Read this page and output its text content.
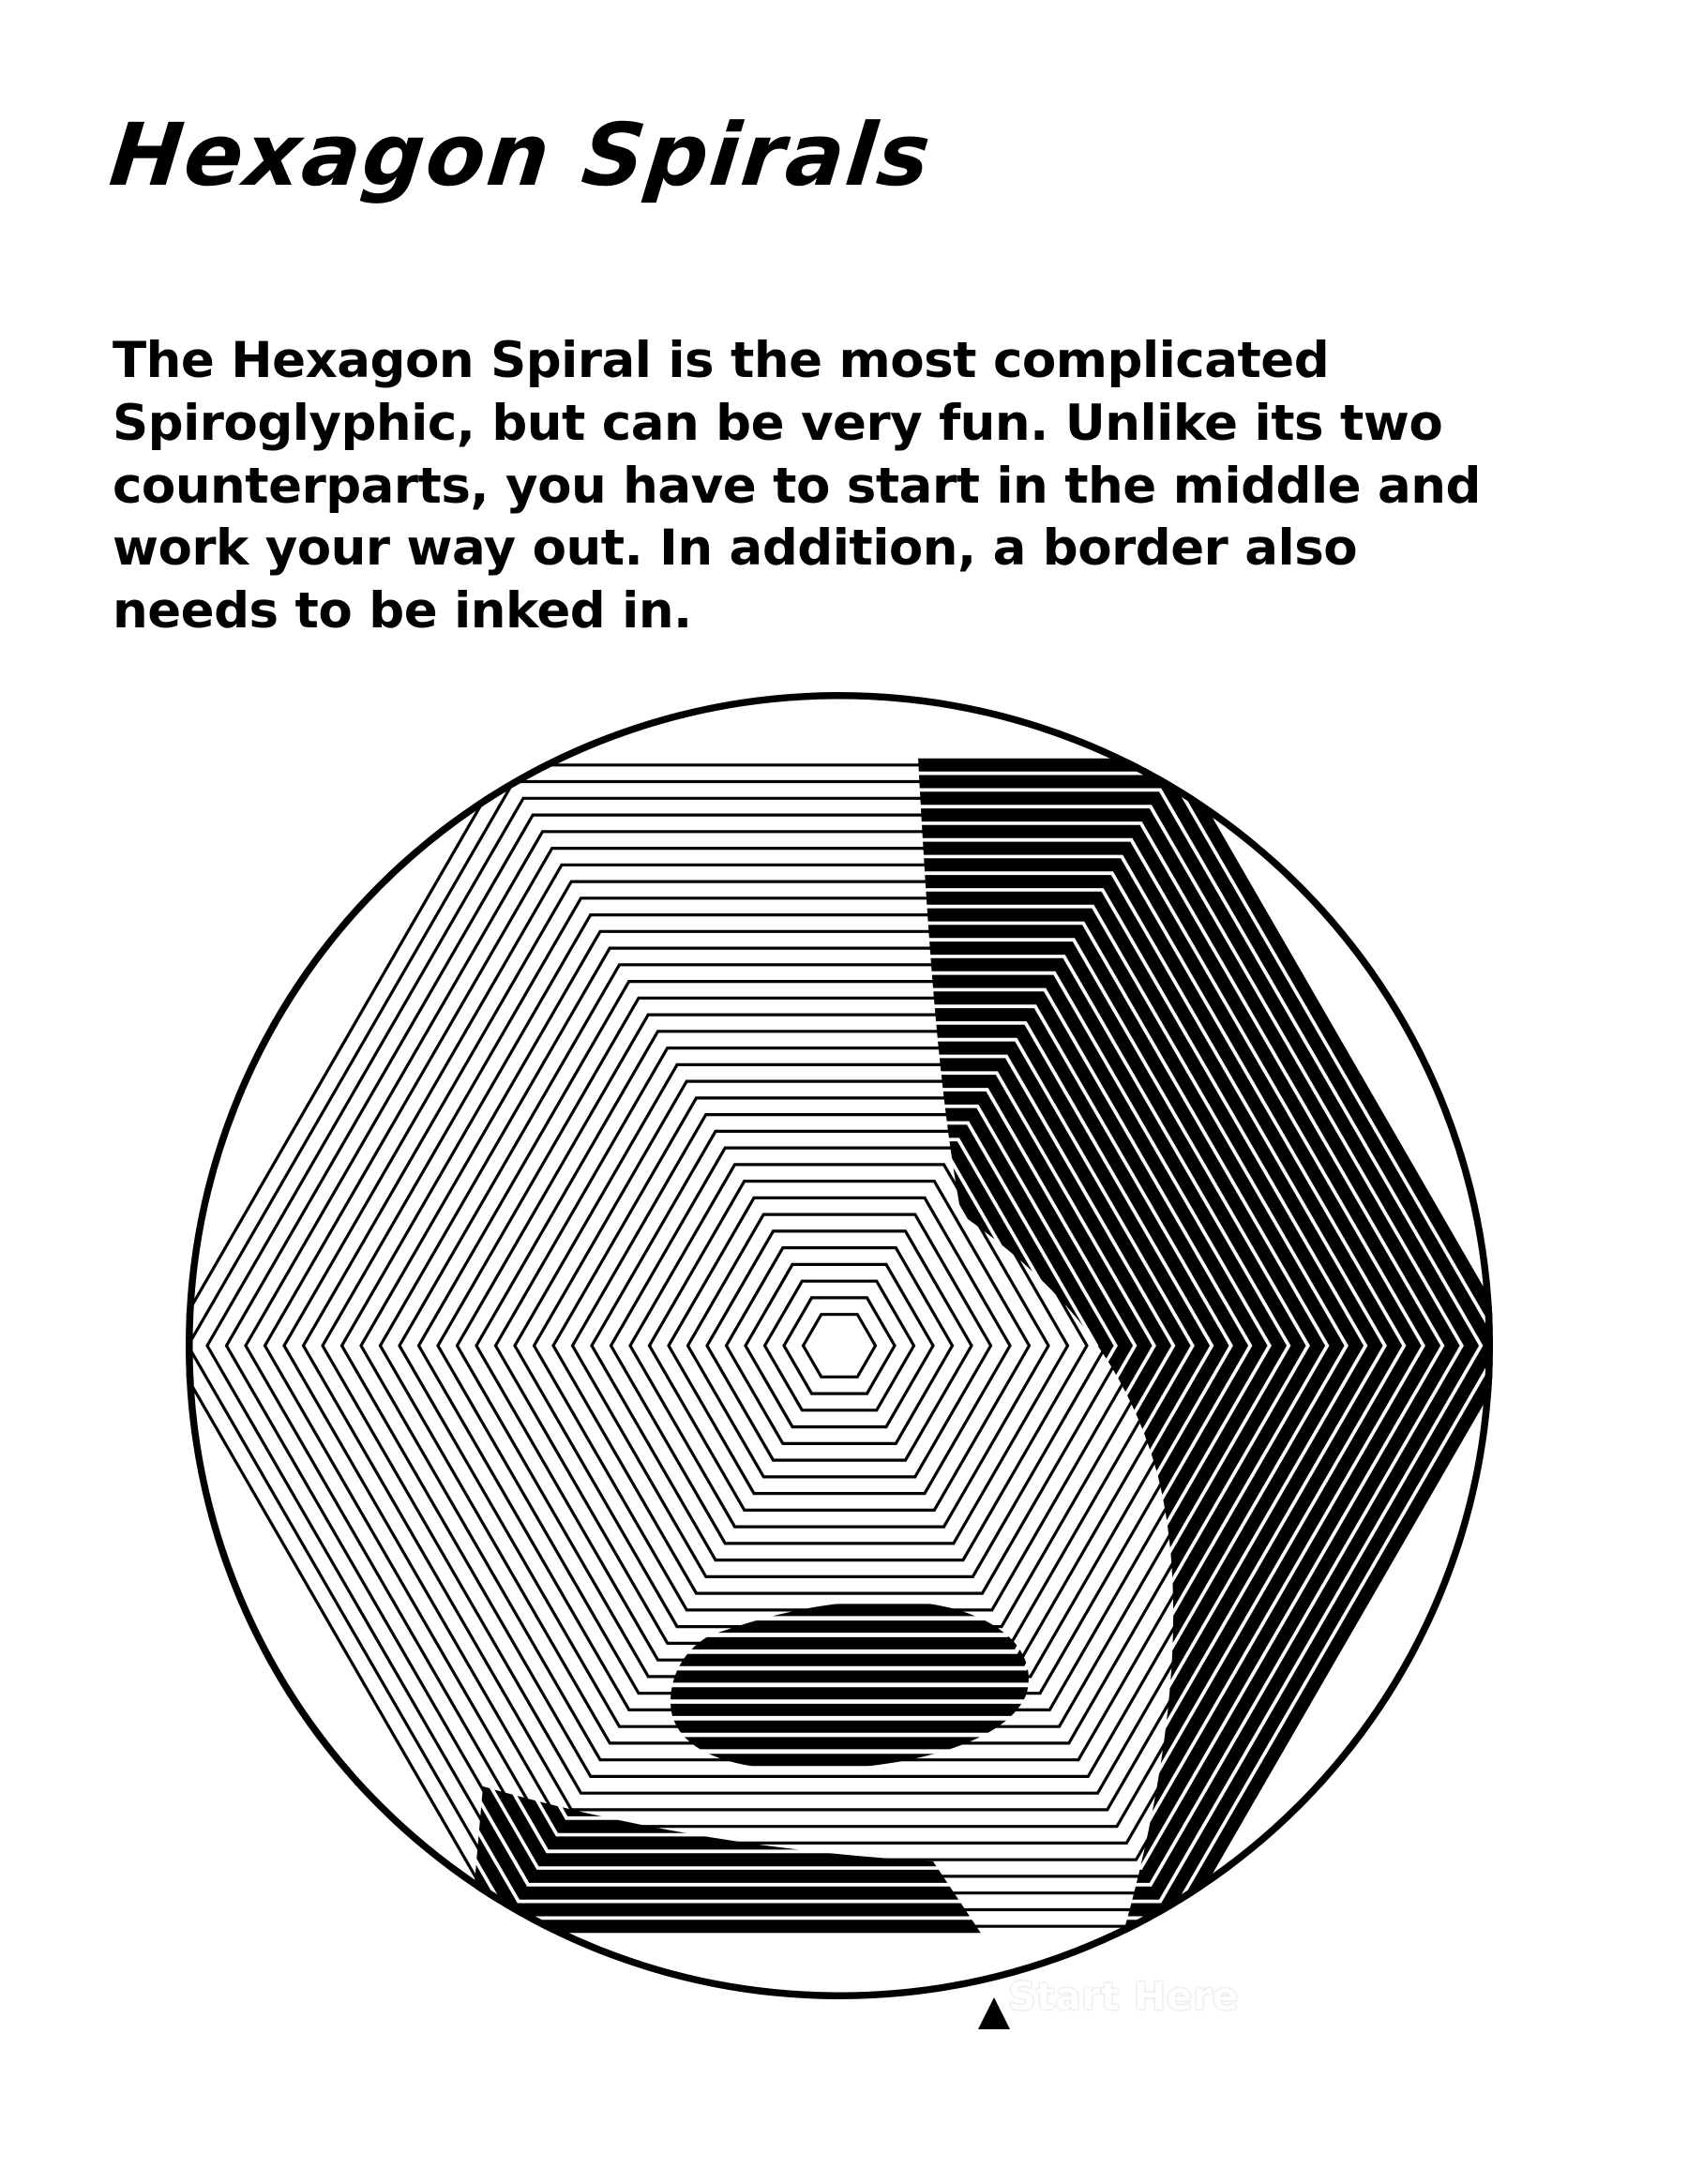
Hexagon Spirals
The Hexagon Spiral is the most complicated Spiroglyphic, but can be very fun. Unlike its two counterparts, you have to start in the middle and work your way out. In addition, a border also needs to be inked in.
Start Here
